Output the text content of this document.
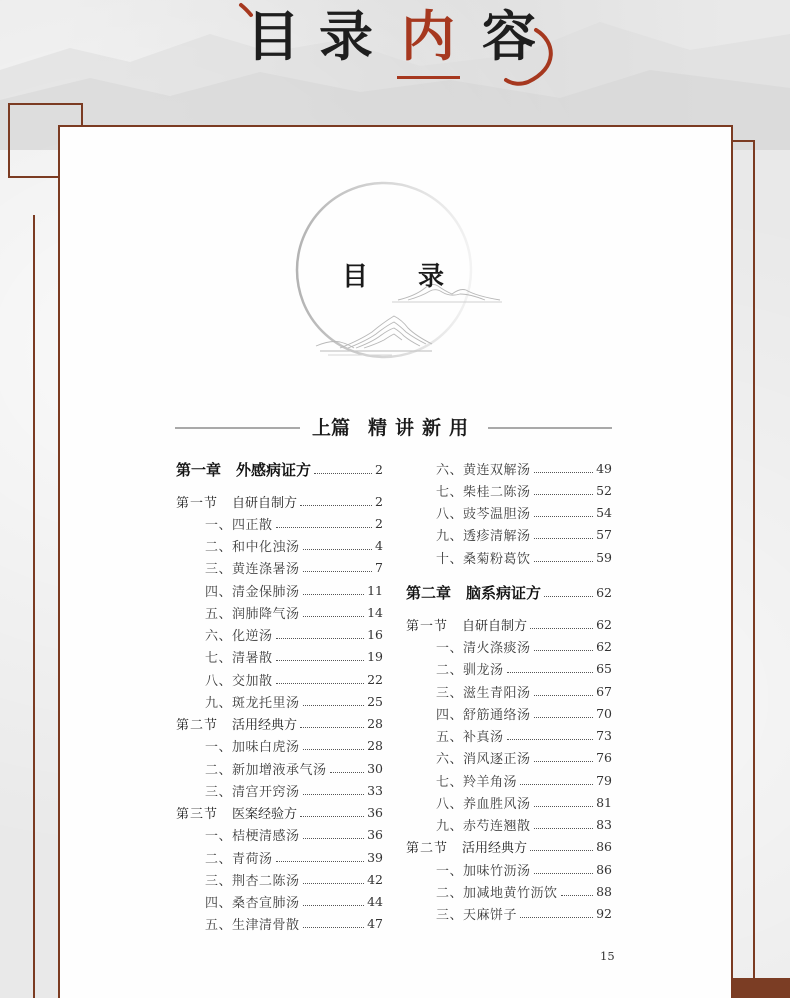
目 录 内 容
目 录
上篇 精讲新用
第一章 外感病证方	2
第一节 自研自制方	2
一、四正散	2
二、和中化浊汤	4
三、黄连涤暑汤	7
四、清金保肺汤	11
五、润肺降气汤	14
六、化逆汤	16
七、清暑散	19
八、交加散	22
九、斑龙托里汤	25
第二节 活用经典方	28
一、加味白虎汤	28
二、新加增液承气汤	30
三、清宫开窍汤	33
第三节 医案经验方	36
一、桔梗清感汤	36
二、青荷汤	39
三、荆杏二陈汤	42
四、桑杏宣肺汤	44
五、生津清骨散	47
六、黄连双解汤	49
七、柴桂二陈汤	52
八、豉芩温胆汤	54
九、透疹清解汤	57
十、桑菊粉葛饮	59
第二章 脑系病证方	62
第一节 自研自制方	62
一、清火涤痰汤	62
二、驯龙汤	65
三、滋生青阳汤	67
四、舒筋通络汤	70
五、补真汤	73
六、消风逐正汤	76
七、羚羊角汤	79
八、养血胜风汤	81
九、赤芍连翘散	83
第二节 活用经典方	86
一、加味竹沥汤	86
二、加减地黄竹沥饮	88
三、天麻饼子	92
15
